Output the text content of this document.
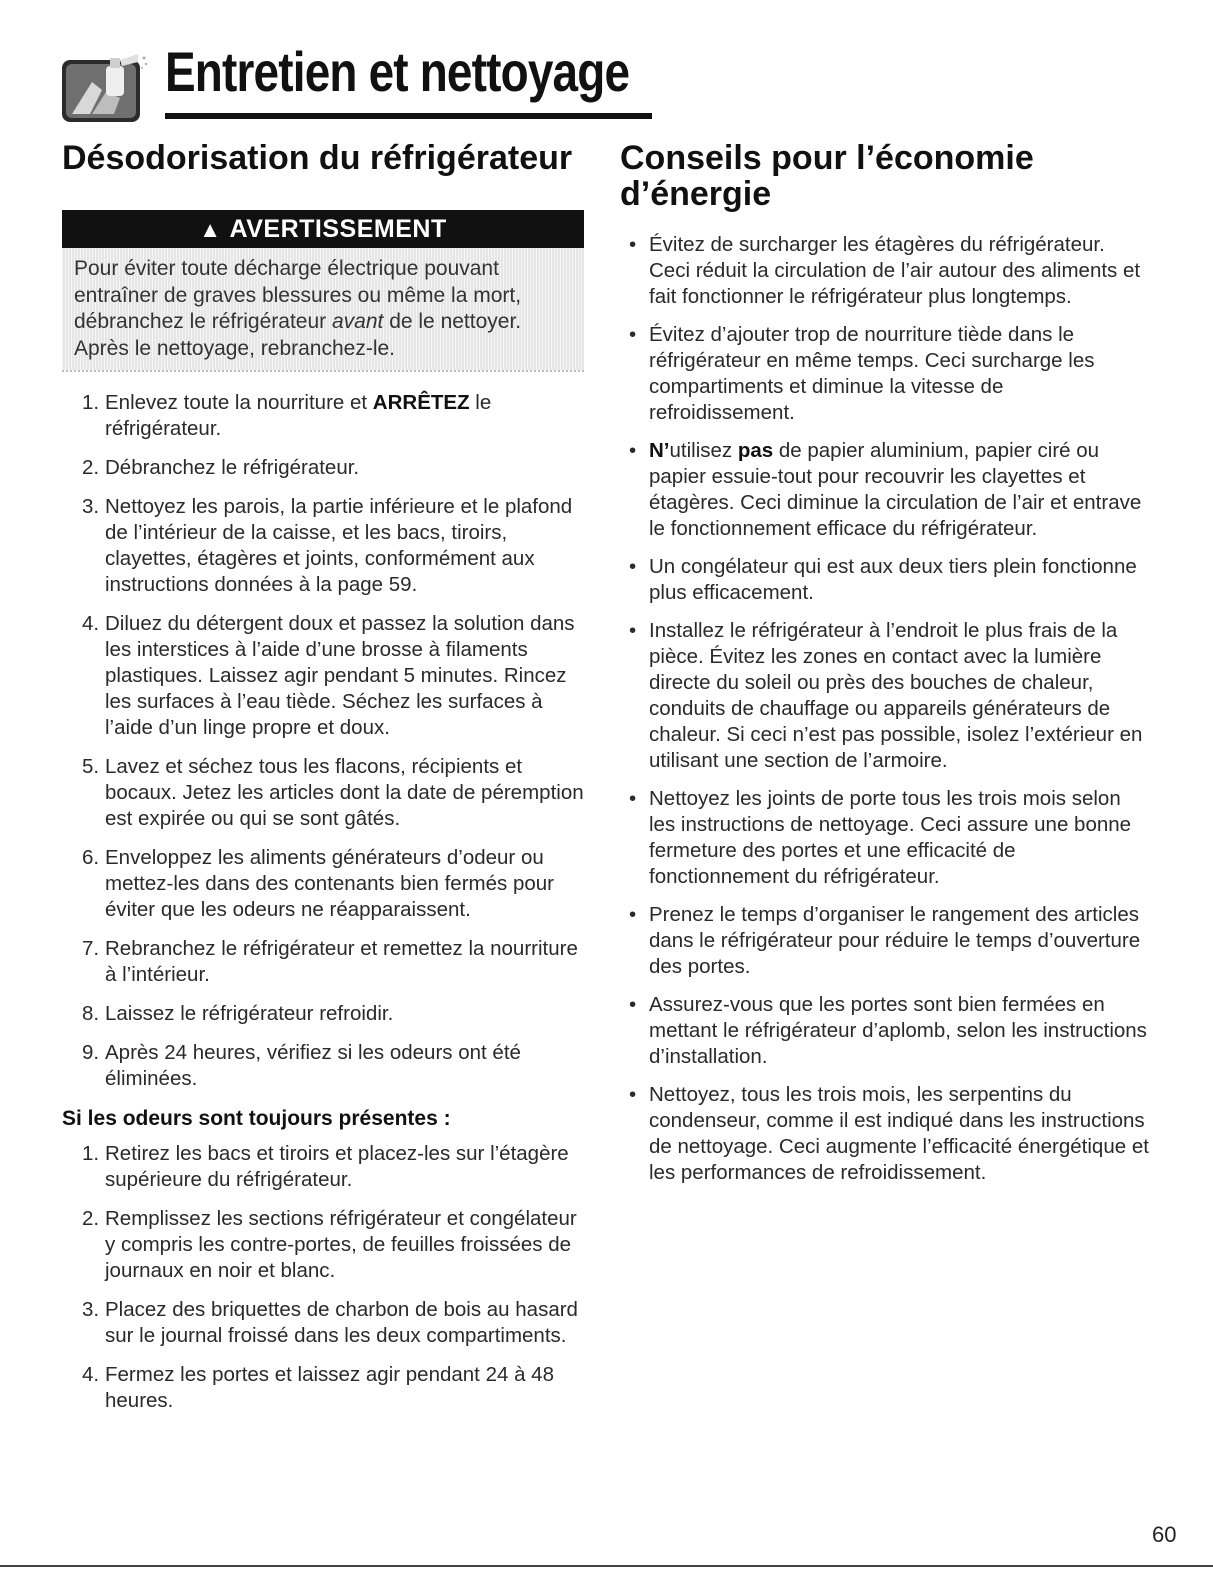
Entretien et nettoyage
Désodorisation du réfrigérateur
▲ AVERTISSEMENT
Pour éviter toute décharge électrique pouvant entraîner de graves blessures ou même la mort, débranchez le réfrigérateur avant de le nettoyer. Après le nettoyage, rebranchez-le.
1. Enlevez toute la nourriture et ARRÊTEZ le réfrigérateur.
2. Débranchez le réfrigérateur.
3. Nettoyez les parois, la partie inférieure et le plafond de l’intérieur de la caisse, et les bacs, tiroirs, clayettes, étagères et joints, conformément aux instructions données à la page 59.
4. Diluez du détergent doux et passez la solution dans les interstices à l’aide d’une brosse à filaments plastiques. Laissez agir pendant 5 minutes. Rincez les surfaces à l’eau tiède. Séchez les surfaces à l’aide d’un linge propre et doux.
5. Lavez et séchez tous les flacons, récipients et bocaux. Jetez les articles dont la date de péremption est expirée ou qui se sont gâtés.
6. Enveloppez les aliments générateurs d’odeur ou mettez-les dans des contenants bien fermés pour éviter que les odeurs ne réapparaissent.
7. Rebranchez le réfrigérateur et remettez la nourriture à l’intérieur.
8. Laissez le réfrigérateur refroidir.
9. Après 24 heures, vérifiez si les odeurs ont été éliminées.
Si les odeurs sont toujours présentes :
1. Retirez les bacs et tiroirs et placez-les sur l’étagère supérieure du réfrigérateur.
2. Remplissez les sections réfrigérateur et congélateur y compris les contre-portes, de feuilles froissées de journaux en noir et blanc.
3. Placez des briquettes de charbon de bois au hasard sur le journal froissé dans les deux compartiments.
4. Fermez les portes et laissez agir pendant 24 à 48 heures.
Conseils pour l’économie d’énergie
• Évitez de surcharger les étagères du réfrigérateur. Ceci réduit la circulation de l’air autour des aliments et fait fonctionner le réfrigérateur plus longtemps.
• Évitez d’ajouter trop de nourriture tiède dans le réfrigérateur en même temps. Ceci surcharge les compartiments et diminue la vitesse de refroidissement.
• N’utilisez pas de papier aluminium, papier ciré ou papier essuie-tout pour recouvrir les clayettes et étagères. Ceci diminue la circulation de l’air et entrave le fonctionnement efficace du réfrigérateur.
• Un congélateur qui est aux deux tiers plein fonctionne plus efficacement.
• Installez le réfrigérateur à l’endroit le plus frais de la pièce. Évitez les zones en contact avec la lumière directe du soleil ou près des bouches de chaleur, conduits de chauffage ou appareils générateurs de chaleur. Si ceci n’est pas possible, isolez l’extérieur en utilisant une section de l’armoire.
• Nettoyez les joints de porte tous les trois mois selon les instructions de nettoyage. Ceci assure une bonne fermeture des portes et une efficacité de fonctionnement du réfrigérateur.
• Prenez le temps d’organiser le rangement des articles dans le réfrigérateur pour réduire le temps d’ouverture des portes.
• Assurez-vous que les portes sont bien fermées en mettant le réfrigérateur d’aplomb, selon les instructions d’installation.
• Nettoyez, tous les trois mois, les serpentins du condenseur, comme il est indiqué dans les instructions de nettoyage. Ceci augmente l’efficacité énergétique et les performances de refroidissement.
60
